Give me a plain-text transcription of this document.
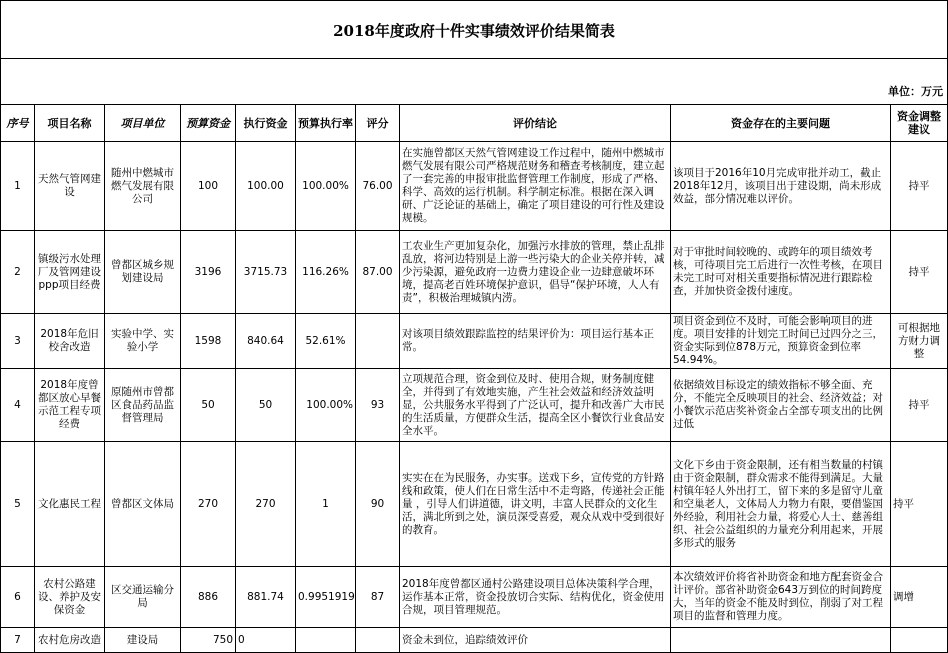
2018年度政府十件实事绩效评价结果简表
单位：万元
序号	项目名称	项目单位	预算资金	执行资金	预算执行率	评分	评价结论	资金存在的主要问题	资金调整建议
1	天然气管网建设	随州中燃城市燃气发展有限公司	100	100.00	100.00%	76.00	在实施曾都区天然气管网建设工作过程中，随州中燃城市燃气发展有限公司严格规范财务和稽查考核制度，建立起了一套完善的申报审批监督管理工作制度，形成了严格、科学、高效的运行机制。科学制定标准。根据在深入调研、广泛论证的基础上，确定了项目建设的可行性及建设规模。	该项目于2016年10月完成审批并动工，截止2018年12月，该项目出于建设期，尚未形成效益，部分情况难以评价。	持平
2	镇级污水处理厂及管网建设ppp项目经费	曾都区城乡规划建设局	3196	3715.73	116.26%	87.00	工农业生产更加复杂化，加强污水排放的管理，禁止乱排乱放，将河边特别是上游一些污染大的企业关停并转，减少污染源，避免政府一边费力建设企业一边肆意破坏环境，提高老百姓环境保护意识，倡导“保护环境，人人有责”，积极治理城镇内涝。	对于审批时间较晚的、或跨年的项目绩效考核，可待项目完工后进行一次性考核，在项目未完工时可对相关重要指标情况进行跟踪检查，并加快资金拨付速度。	持平
3	2018年危旧校舍改造	实验中学、实验小学	1598	840.64	52.61%		对该项目绩效跟踪监控的结果评价为：项目运行基本正常。	项目资金到位不及时，可能会影响项目的进度。项目安排的计划完工时间已过四分之三，资金实际到位878万元，预算资金到位率54.94%。	可根据地方财力调整
4	2018年度曾都区放心早餐示范工程专项经费	原随州市曾都区食品药品监督管理局	50	50	100.00%	93	立项规范合理，资金到位及时、使用合规，财务制度健全，并得到了有效地实施，产生社会效益和经济效益明显，公共服务水平得到了广泛认可，提升和改善广大市民的生活质量，方便群众生活，提高全区小餐饮行业食品安全水平。	依据绩效目标设定的绩效指标不够全面、充分，不能完全反映项目的社会、经济效益；对小餐饮示范店奖补资金占全部专项支出的比例过低	持平
5	文化惠民工程	曾都区文体局	270	270	1	90	实实在在为民服务，办实事。送戏下乡，宣传党的方针路线和政策，使人们在日常生活中不走弯路，传递社会正能量 ，引导人们讲道德，讲文明，丰富人民群众的文化生活，满北所到之处，演员深受喜爱，观众从戏中受到很好的教育。	文化下乡由于资金限制，还有相当数量的村镇由于资金限制，群众需求不能得到满足。大量村镇年轻人外出打工，留下来的多是留守儿童和空巢老人，文体局人力物力有限，要借鉴国外经验，利用社会力量，将爱心人士、慈善组织、社会公益组织的力量充分利用起来，开展多形式的服务	持平
6	农村公路建设、养护及安保资金	区交通运输分局	886	881.74	0.9951919	87	2018年度曾都区通村公路建设项目总体决策科学合理，运作基本正常，资金投放切合实际、结构优化，资金使用合规，项目管理规范。	本次绩效评价将省补助资金和地方配套资金合计评价。部省补助资金643万到位的时间跨度大，当年的资金不能及时到位，削弱了对工程项目的监督和管理力度。	调增
7	农村危房改造	建设局	750	0			资金未到位，追踪绩效评价		
